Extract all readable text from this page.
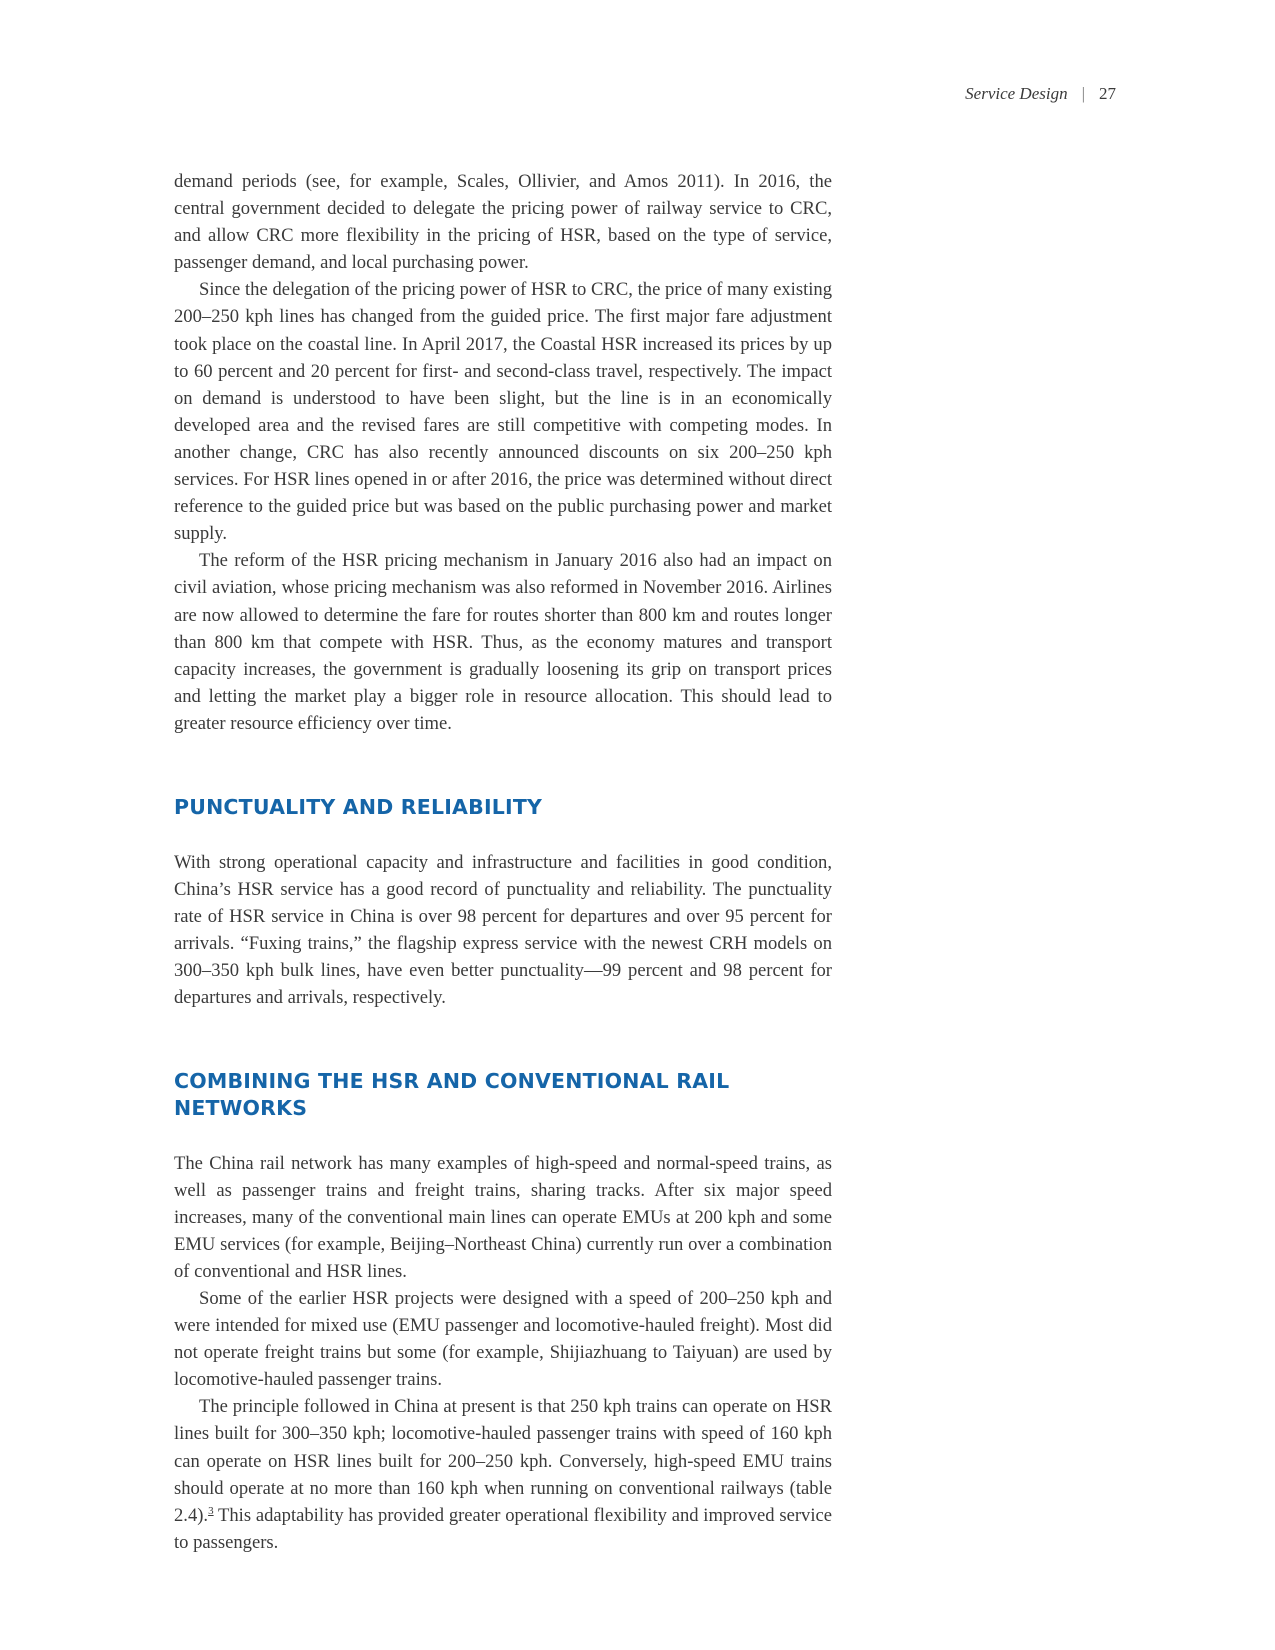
Service Design | 27

demand periods (see, for example, Scales, Ollivier, and Amos 2011). In 2016, the central government decided to delegate the pricing power of railway service to CRC, and allow CRC more flexibility in the pricing of HSR, based on the type of service, passenger demand, and local purchasing power.

Since the delegation of the pricing power of HSR to CRC, the price of many existing 200–250 kph lines has changed from the guided price. The first major fare adjustment took place on the coastal line. In April 2017, the Coastal HSR increased its prices by up to 60 percent and 20 percent for first- and second-class travel, respectively. The impact on demand is understood to have been slight, but the line is in an economically developed area and the revised fares are still competitive with competing modes. In another change, CRC has also recently announced discounts on six 200–250 kph services. For HSR lines opened in or after 2016, the price was determined without direct reference to the guided price but was based on the public purchasing power and market supply.

The reform of the HSR pricing mechanism in January 2016 also had an impact on civil aviation, whose pricing mechanism was also reformed in November 2016. Airlines are now allowed to determine the fare for routes shorter than 800 km and routes longer than 800 km that compete with HSR. Thus, as the economy matures and transport capacity increases, the government is gradually loosening its grip on transport prices and letting the market play a bigger role in resource allocation. This should lead to greater resource efficiency over time.

PUNCTUALITY AND RELIABILITY

With strong operational capacity and infrastructure and facilities in good condition, China’s HSR service has a good record of punctuality and reliability. The punctuality rate of HSR service in China is over 98 percent for departures and over 95 percent for arrivals. “Fuxing trains,” the flagship express service with the newest CRH models on 300–350 kph bulk lines, have even better punctuality—99 percent and 98 percent for departures and arrivals, respectively.

COMBINING THE HSR AND CONVENTIONAL RAIL
NETWORKS

The China rail network has many examples of high-speed and normal-speed trains, as well as passenger trains and freight trains, sharing tracks. After six major speed increases, many of the conventional main lines can operate EMUs at 200 kph and some EMU services (for example, Beijing–Northeast China) currently run over a combination of conventional and HSR lines.

Some of the earlier HSR projects were designed with a speed of 200–250 kph and were intended for mixed use (EMU passenger and locomotive-hauled freight). Most did not operate freight trains but some (for example, Shijiazhuang to Taiyuan) are used by locomotive-hauled passenger trains.

The principle followed in China at present is that 250 kph trains can operate on HSR lines built for 300–350 kph; locomotive-hauled passenger trains with speed of 160 kph can operate on HSR lines built for 200–250 kph. Conversely, high-speed EMU trains should operate at no more than 160 kph when running on conventional railways (table 2.4).$^3$ This adaptability has provided greater operational flexibility and improved service to passengers.
